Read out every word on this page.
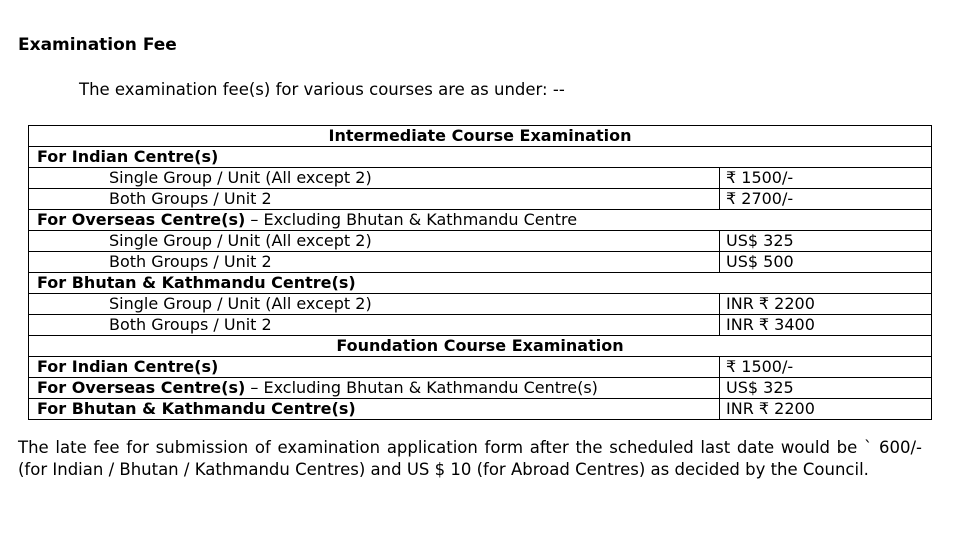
Examination Fee
The examination fee(s) for various courses are as under: --
Intermediate Course Examination	
For Indian Centre(s)	
Single Group / Unit (All except 2)	₹ 1500/-
Both Groups / Unit 2	₹ 2700/-
For Overseas Centre(s) – Excluding Bhutan & Kathmandu Centre	
Single Group / Unit (All except 2)	US$ 325
Both Groups / Unit 2	US$ 500
For Bhutan & Kathmandu Centre(s)	
Single Group / Unit (All except 2)	INR ₹ 2200
Both Groups / Unit 2	INR ₹ 3400
Foundation Course Examination	
For Indian Centre(s)	₹ 1500/-
For Overseas Centre(s) – Excluding Bhutan & Kathmandu Centre(s)	US$ 325
For Bhutan & Kathmandu Centre(s)	INR ₹ 2200
The late fee for submission of examination application form after the scheduled last date would be ` 600/- (for Indian / Bhutan / Kathmandu Centres) and US $ 10 (for Abroad Centres) as decided by the Council.
